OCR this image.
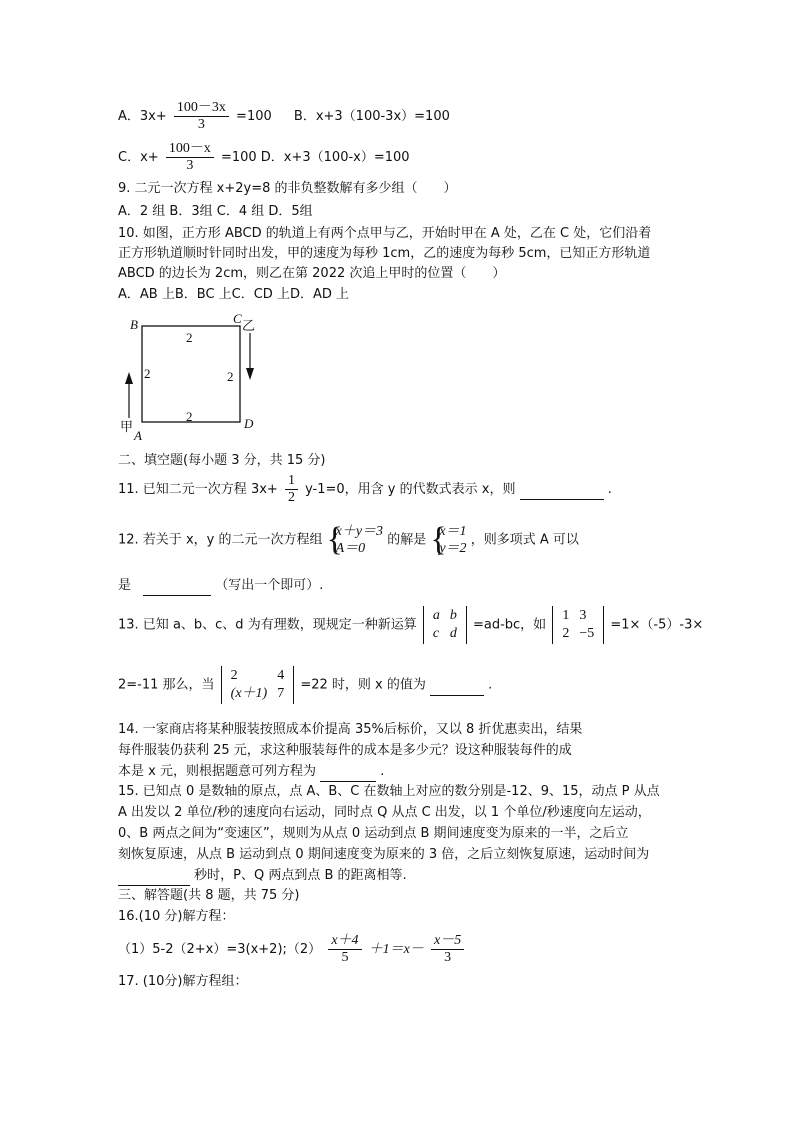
A．$3x+ \frac{100-3x}{3} =100$ B．x+3（100-3x）=100
C．$x+ \frac{100-x}{3} =100$ D．x+3（100-x）=100
9. 二元一次方程 x+2y=8 的非负整数解有多少组（　　）
A．2 组 B．3组 C．4 组 D．5组
10. 如图，正方形 ABCD 的轨道上有两个点甲与乙，开始时甲在 A 处，乙在 C 处，它们沿着
正方形轨道顺时针同时出发，甲的速度为每秒 1cm，乙的速度为每秒 5cm，已知正方形轨道
ABCD 的边长为 2cm，则乙在第 2022 次追上甲时的位置（　　）
A．AB 上B．BC 上C．CD 上D．AD 上
B	C
A
D
2
2	2
2
乙
甲
二、填空题(每小题 3 分，共 15 分)
11. 已知二元一次方程 $3x+ \frac{1}{2} y-1=0$，用含 y 的代数式表示 x，则	.
12. 若关于 x，y 的二元一次方程组 {
x＋y＝3
A＝0
的解是 {
x＝1
y＝2
，则多项式 A 可以
是	（写出一个即可）.
13. 已知 a、b、c、d 为有理数，现规定一种新运算
a	b
c	d
=ad-bc，如
1	3
2	−5
=1×（-5）-3×
2=-11 那么，当
2	4
(x＋1)	7
=22 时，则 x 的值为	.
14. 一家商店将某种服装按照成本价提高 35%后标价，又以 8 折优惠卖出，结果
每件服装仍获利 25 元，求这种服装每件的成本是多少元？设这种服装每件的成
本是 x 元，则根据题意可列方程为	.
15. 已知点 0 是数轴的原点，点 A、B、C 在数轴上对应的数分别是-12、9、15，动点 P 从点
A 出发以 2 单位/秒的速度向右运动，同时点 Q 从点 C 出发，以 1 个单位/秒速度向左运动，
0、B 两点之间为“变速区”，规则为从点 0 运动到点 B 期间速度变为原来的一半，之后立
刻恢复原速，从点 B 运动到点 0 期间速度变为原来的 3 倍，之后立刻恢复原速，运动时间为
秒时，P、Q 两点到点 B 的距离相等.
三、解答题(共 8 题，共 75 分)
16.(10 分)解方程：
（1）5-2（2+x）=3(x+2);（2） $\frac{x+4}{5} +1=x- \frac{x-5}{3}$
17. (10分)解方程组：
